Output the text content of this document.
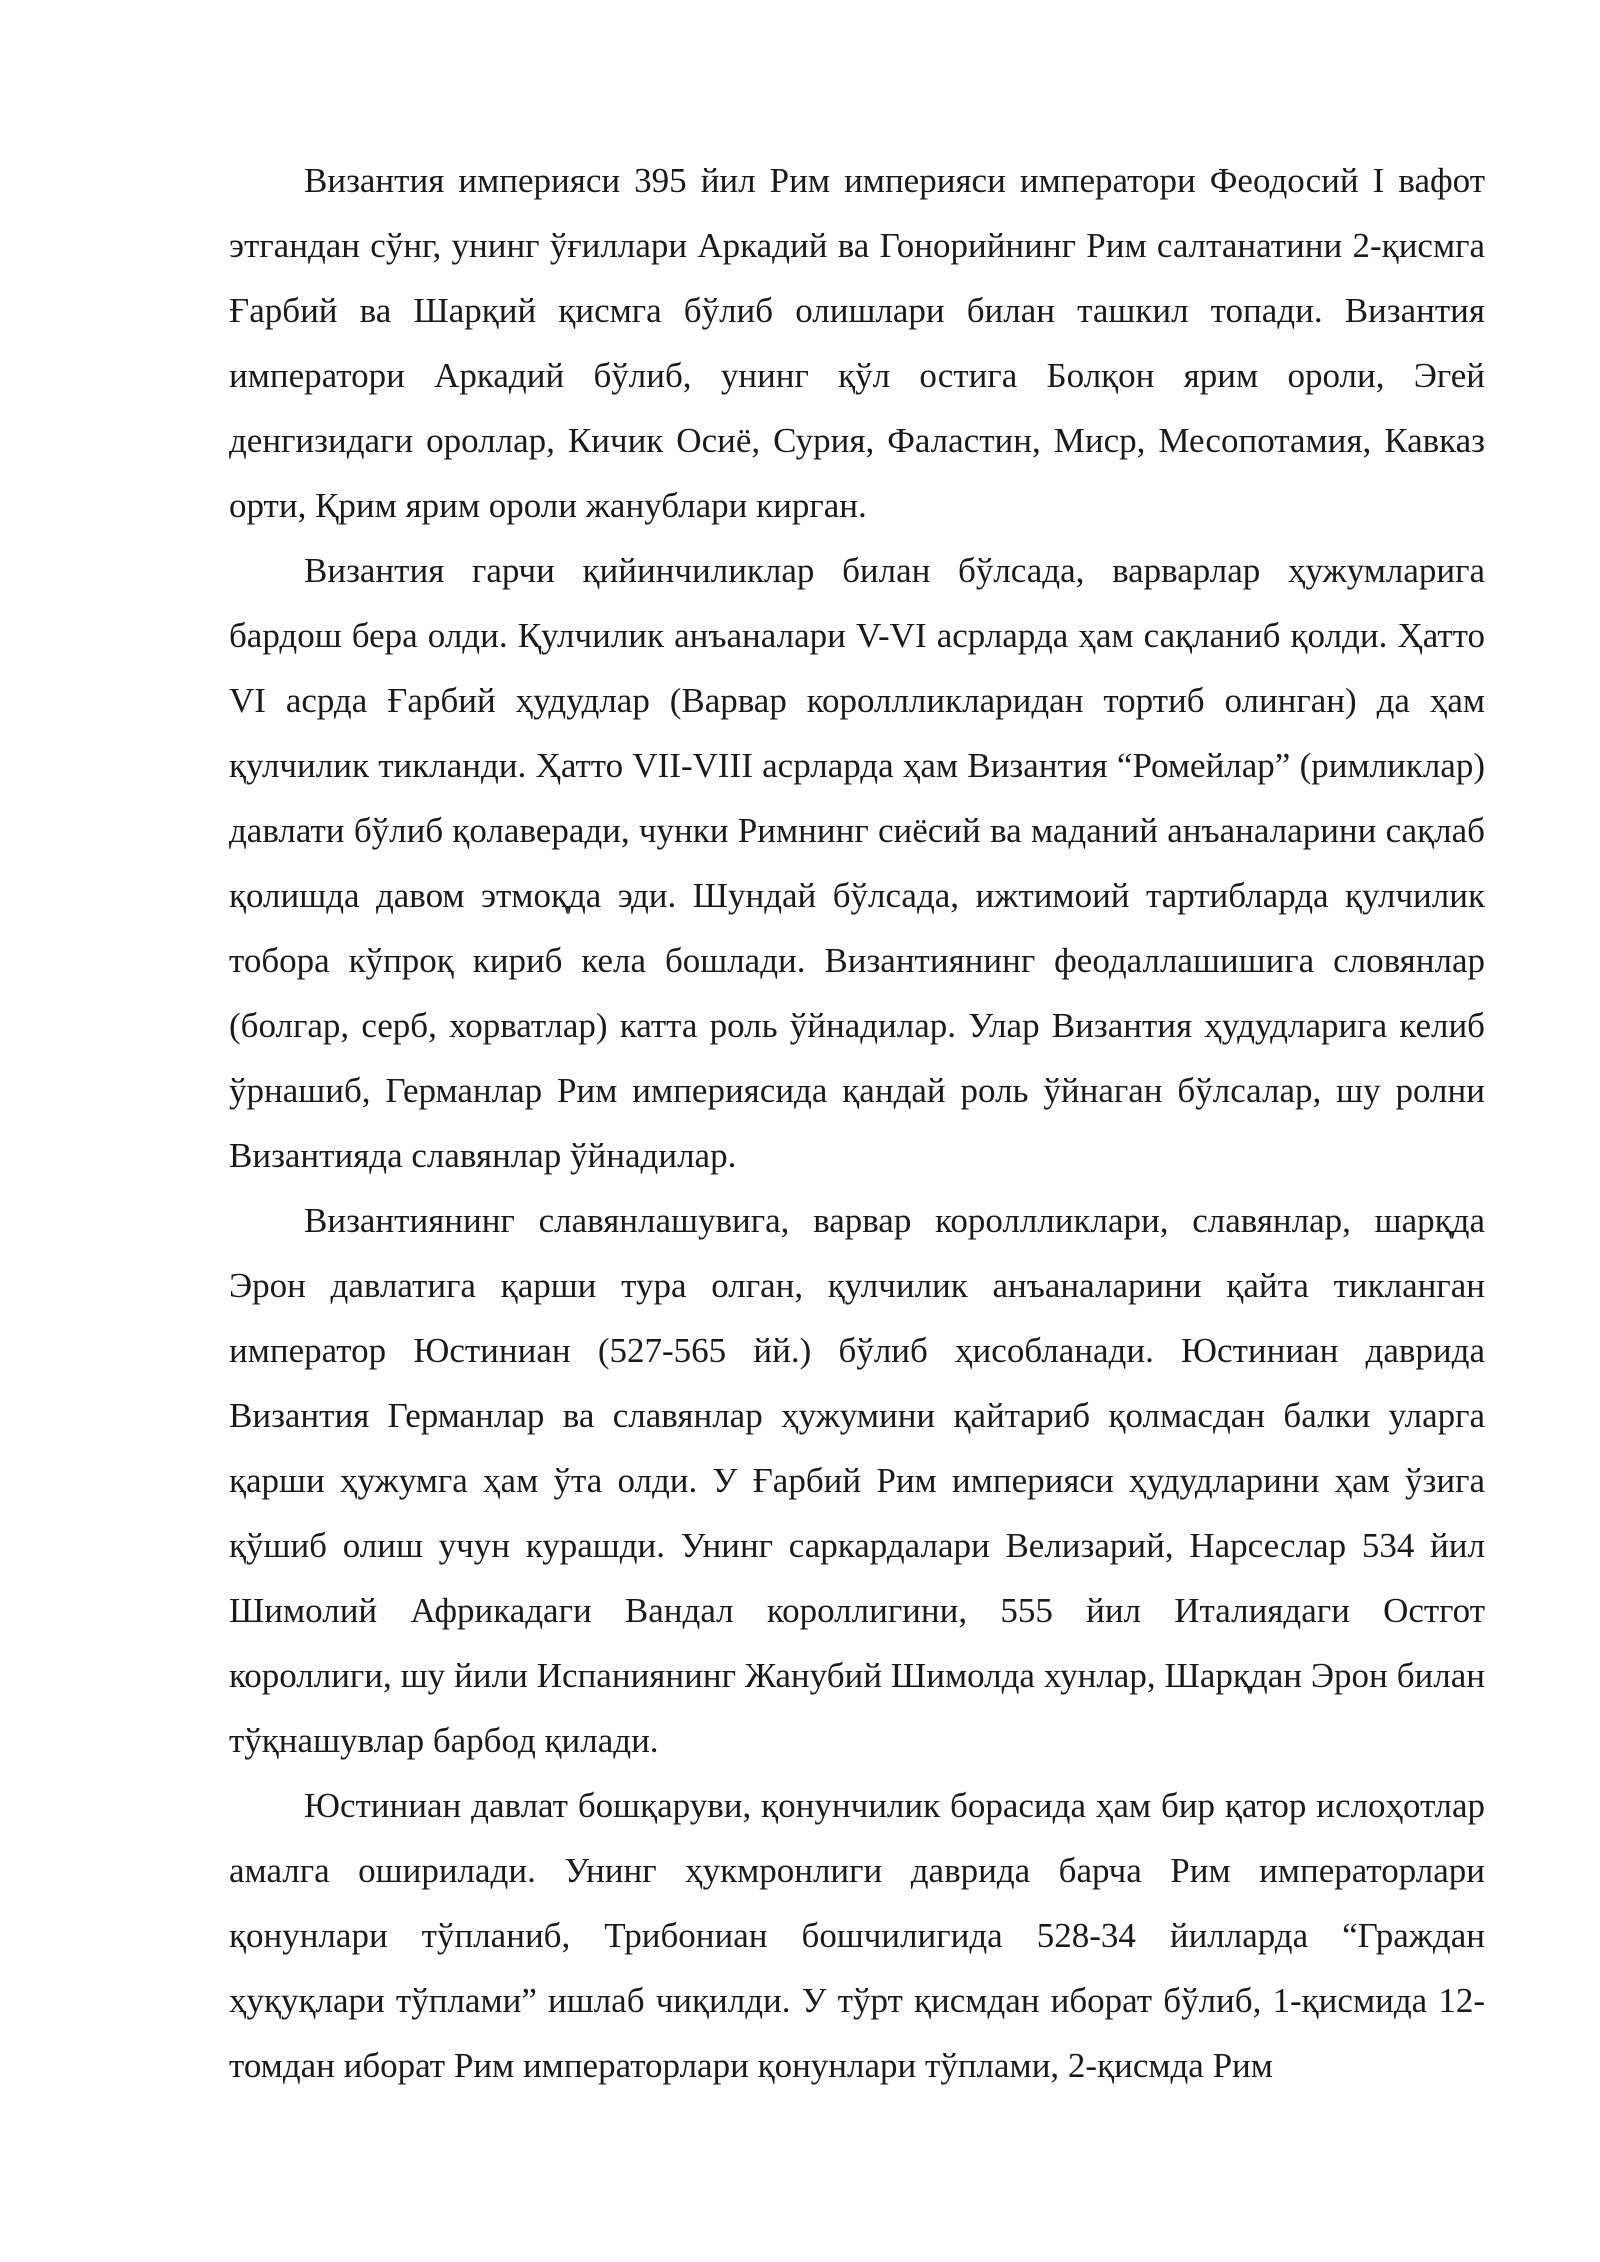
Византия империяси 395 йил Рим империяси императори Феодосий I вафот этгандан сўнг, унинг ўғиллари Аркадий ва Гонорийнинг Рим салтанатини 2-қисмга Ғарбий ва Шарқий қисмга бўлиб олишлари билан ташкил топади. Византия императори Аркадий бўлиб, унинг қўл остига Болқон ярим ороли, Эгей денгизидаги ороллар, Кичик Осиё, Сурия, Фаластин, Миср, Месопотамия, Кавказ орти, Қрим ярим ороли жанублари кирган.

Византия гарчи қийинчиликлар билан бўлсада, варварлар ҳужумларига бардош бера олди. Қулчилик анъаналари V-VI асрларда ҳам сақланиб қолди. Ҳатто VI асрда Ғарбий ҳудудлар (Варвар короллликларидан тортиб олинган) да ҳам қулчилик тикланди. Ҳатто VII-VIII асрларда ҳам Византия “Ромейлар” (римликлар) давлати бўлиб қолаверади, чунки Римнинг сиёсий ва маданий анъаналарини сақлаб қолишда давом этмоқда эди. Шундай бўлсада, ижтимоий тартибларда қулчилик тобора кўпроқ кириб кела бошлади. Византиянинг феодаллашишига словянлар (болгар, серб, хорватлар) катта роль ўйнадилар. Улар Византия ҳудудларига келиб ўрнашиб, Германлар Рим империясида қандай роль ўйнаган бўлсалар, шу ролни Византияда славянлар ўйнадилар.

Византиянинг славянлашувига, варвар короллликлари, славянлар, шарқда Эрон давлатига қарши тура олган, қулчилик анъаналарини қайта тикланган император Юстиниан (527-565 йй.) бўлиб ҳисобланади. Юстиниан даврида Византия Германлар ва славянлар ҳужумини қайтариб қолмасдан балки уларга қарши ҳужумга ҳам ўта олди. У Ғарбий Рим империяси ҳудудларини ҳам ўзига қўшиб олиш учун курашди. Унинг саркардалари Велизарий, Нарсеслар 534 йил Шимолий Африкадаги Вандал короллигини, 555 йил Италиядаги Остгот короллиги, шу йили Испаниянинг Жанубий Шимолда хунлар, Шарқдан Эрон билан тўқнашувлар барбод қилади.

Юстиниан давлат бошқаруви, қонунчилик борасида ҳам бир қатор ислоҳотлар амалга оширилади. Унинг ҳукмронлиги даврида барча Рим императорлари қонунлари тўпланиб, Трибониан бошчилигида 528-34 йилларда “Граждан ҳуқуқлари тўплами” ишлаб чиқилди. У тўрт қисмдан иборат бўлиб, 1-қисмида 12-томдан иборат Рим императорлари қонунлари тўплами, 2-қисмда Рим
